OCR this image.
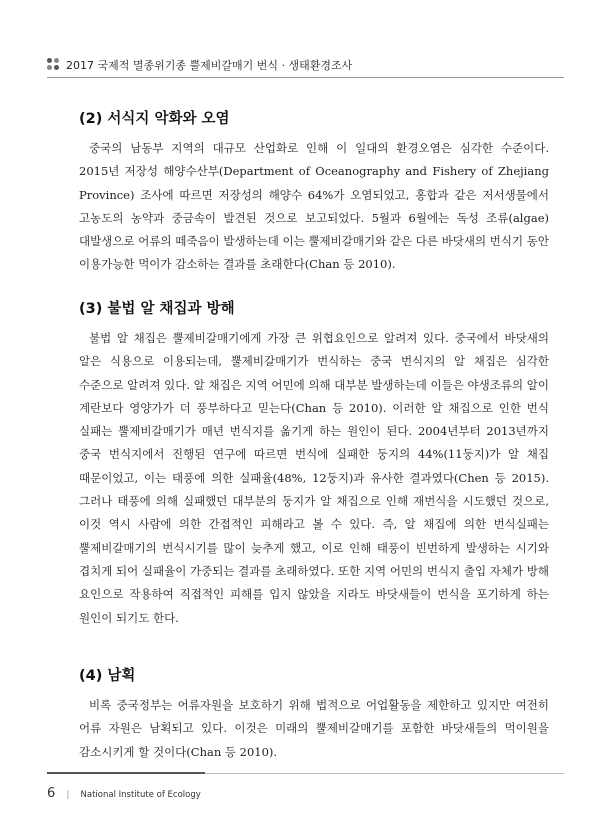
2017 국제적 멸종위기종 뿔제비갈매기 번식 · 생태환경조사
(2) 서식지 악화와 오염
중국의 남동부 지역의 대규모 산업화로 인해 이 일대의 환경오염은 심각한 수준이다. 2015년 저장성 해양수산부(Department of Oceanography and Fishery of Zhejiang Province) 조사에 따르면 저장성의 해양수 64%가 오염되었고, 홍합과 같은 저서생물에서 고농도의 농약과 중금속이 발견된 것으로 보고되었다. 5월과 6월에는 독성 조류(algae) 대발생으로 어류의 떼죽음이 발생하는데 이는 뿔제비갈매기와 같은 다른 바닷새의 번식기 동안 이용가능한 먹이가 감소하는 결과를 초래한다(Chan 등 2010).
(3) 불법 알 채집과 방해
불법 알 채집은 뿔제비갈매기에게 가장 큰 위협요인으로 알려져 있다. 중국에서 바닷새의 알은 식용으로 이용되는데, 뿔제비갈매기가 번식하는 중국 번식지의 알 채집은 심각한 수준으로 알려져 있다. 알 채집은 지역 어민에 의해 대부분 발생하는데 이들은 야생조류의 알이 계란보다 영양가가 더 풍부하다고 믿는다(Chan 등 2010). 이러한 알 채집으로 인한 번식 실패는 뿔제비갈매기가 매년 번식지를 옮기게 하는 원인이 된다. 2004년부터 2013년까지 중국 번식지에서 진행된 연구에 따르면 번식에 실패한 둥지의 44%(11둥지)가 알 채집 때문이었고, 이는 태풍에 의한 실패율(48%, 12둥지)과 유사한 결과였다(Chen 등 2015). 그러나 태풍에 의해 실패했던 대부분의 둥지가 알 채집으로 인해 재번식을 시도했던 것으로, 이것 역시 사람에 의한 간접적인 피해라고 볼 수 있다. 즉, 알 채집에 의한 번식실패는 뿔제비갈매기의 번식시기를 많이 늦추게 했고, 이로 인해 태풍이 빈번하게 발생하는 시기와 겹치게 되어 실패율이 가중되는 결과를 초래하였다. 또한 지역 어민의 번식지 출입 자체가 방해 요인으로 작용하여 직접적인 피해를 입지 않았을 지라도 바닷새들이 번식을 포기하게 하는 원인이 되기도 한다.
(4) 남획
비록 중국정부는 어류자원을 보호하기 위해 법적으로 어업활동을 제한하고 있지만 여전히 어류 자원은 남획되고 있다. 이것은 미래의 뿔제비갈매기를 포함한 바닷새들의 먹이원을 감소시키게 할 것이다(Chan 등 2010).
6 | National Institute of Ecology
